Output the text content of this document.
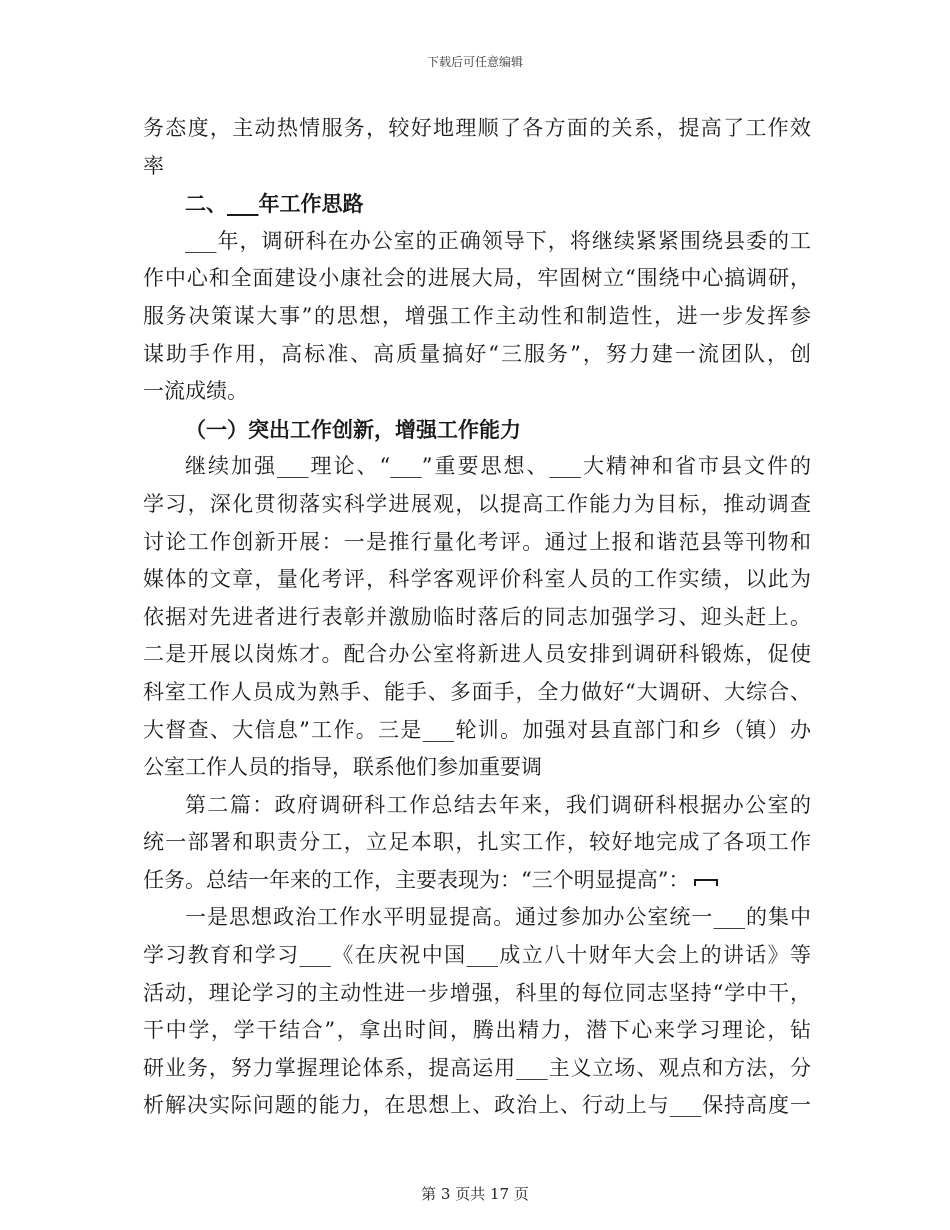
下载后可任意编辑
务态度，主动热情服务，较好地理顺了各方面的关系，提高了工作效
率
二、___年工作思路
___年，调研科在办公室的正确领导下，将继续紧紧围绕县委的工
作中心和全面建设小康社会的进展大局，牢固树立“围绕中心搞调研，
服务决策谋大事”的思想，增强工作主动性和制造性，进一步发挥参
谋助手作用，高标准、高质量搞好“三服务”，努力建一流团队，创
一流成绩。
（一）突出工作创新，增强工作能力
继续加强___理论、“___”重要思想、___大精神和省市县文件的
学习，深化贯彻落实科学进展观，以提高工作能力为目标，推动调查
讨论工作创新开展：一是推行量化考评。通过上报和谐范县等刊物和
媒体的文章，量化考评，科学客观评价科室人员的工作实绩，以此为
依据对先进者进行表彰并激励临时落后的同志加强学习、迎头赶上。
二是开展以岗炼才。配合办公室将新进人员安排到调研科锻炼，促使
科室工作人员成为熟手、能手、多面手，全力做好“大调研、大综合、
大督查、大信息”工作。三是___轮训。加强对县直部门和乡（镇）办
公室工作人员的指导，联系他们参加重要调
第二篇：政府调研科工作总结去年来，我们调研科根据办公室的
统一部署和职责分工，立足本职，扎实工作，较好地完成了各项工作
任务。总结一年来的工作，主要表现为：“三个明显提高”：
一是思想政治工作水平明显提高。通过参加办公室统一___的集中
学习教育和学习___《在庆祝中国___成立八十财年大会上的讲话》等
活动，理论学习的主动性进一步增强，科里的每位同志坚持“学中干，
干中学，学干结合”，拿出时间，腾出精力，潜下心来学习理论，钻
研业务，努力掌握理论体系，提高运用___主义立场、观点和方法，分
析解决实际问题的能力，在思想上、政治上、行动上与___保持高度一
第 3 页共 17 页
